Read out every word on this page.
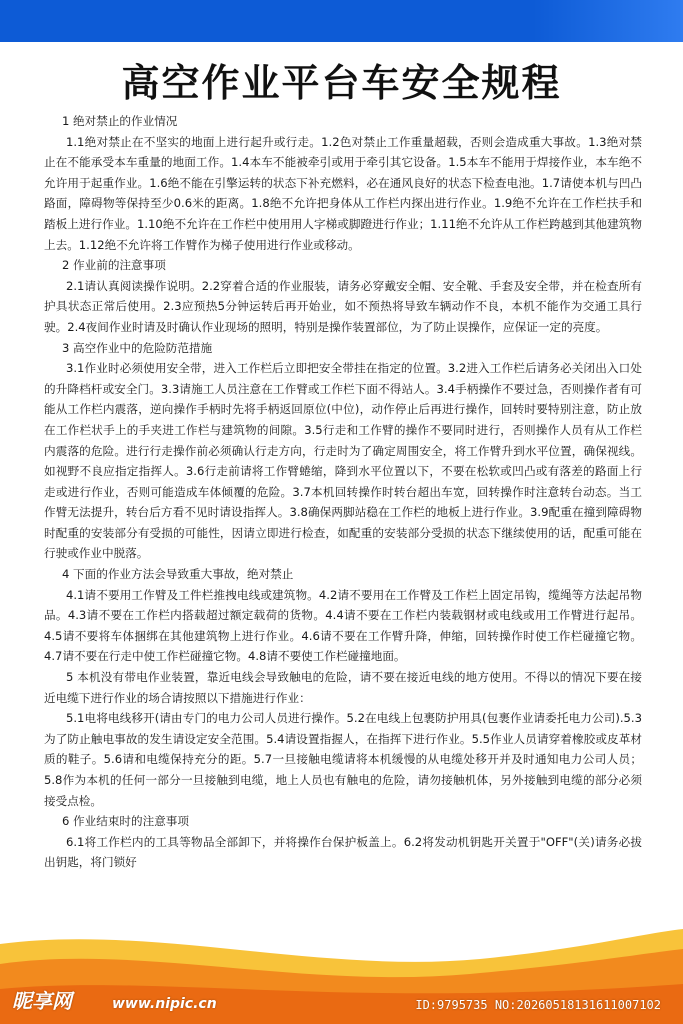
高空作业平台车安全规程
1 绝对禁止的作业情况

1.1绝对禁止在不坚实的地面上进行起升或行走。1.2色对禁止工作重量超载，否则会造成重大事故。1.3绝对禁止在不能承受本车重量的地面工作。1.4本车不能被牵引或用于牵引其它设备。1.5本车不能用于焊接作业，本车绝不允许用于起重作业。1.6绝不能在引擎运转的状态下补充燃料，必在通风良好的状态下检查电池。1.7请使本机与凹凸路面，障碍物等保持至少0.6米的距离。1.8绝不允许把身体从工作栏内探出进行作业。1.9绝不允许在工作栏扶手和踏板上进行作业。1.10绝不允许在工作栏中使用用人字梯或脚蹬进行作业；1.11绝不允许从工作栏跨越到其他建筑物上去。1.12绝不允许将工作臂作为梯子使用进行作业或移动。

2 作业前的注意事项

2.1请认真阅读操作说明。2.2穿着合适的作业服装，请务必穿戴安全帽、安全靴、手套及安全带，并在检查所有护具状态正常后使用。2.3应预热5分钟运转后再开始业，如不预热将导致车辆动作不良，本机不能作为交通工具行驶。2.4夜间作业时请及时确认作业现场的照明，特别是操作装置部位，为了防止误操作，应保证一定的亮度。

3 高空作业中的危险防范措施

3.1作业时必须使用安全带，进入工作栏后立即把安全带挂在指定的位置。3.2进入工作栏后请务必关闭出入口处的升降档杆或安全门。3.3请施工人员注意在工作臂或工作栏下面不得站人。3.4手柄操作不要过急，否则操作者有可能从工作栏内震落，逆向操作手柄时先将手柄返回原位(中位)，动作停止后再进行操作，回转时要特别注意，防止放在工作栏状手上的手夹进工作栏与建筑物的间隙。3.5行走和工作臂的操作不要同时进行，否则操作人员有从工作栏内震落的危险。进行行走操作前必须确认行走方向，行走时为了确定周围安全，将工作臂升到水平位置，确保视线。如视野不良应指定指挥人。3.6行走前请将工作臂蜷缩，降到水平位置以下，不要在松软或凹凸或有落差的路面上行走或进行作业，否则可能造成车体倾覆的危险。3.7本机回转操作时转台超出车宽，回转操作时注意转台动态。当工作臂无法提升，转台后方看不见时请设指挥人。3.8确保两脚站稳在工作栏的地板上进行作业。3.9配重在撞到障碍物时配重的安装部分有受损的可能性，因请立即进行检查，如配重的安装部分受损的状态下继续使用的话，配重可能在行驶或作业中脱落。

4 下面的作业方法会导致重大事故，绝对禁止

4.1请不要用工作臂及工件栏推拽电线或建筑物。4.2请不要用在工作臂及工作栏上固定吊钩，缆绳等方法起吊物品。4.3请不要在工作栏内搭载超过额定载荷的货物。4.4请不要在工作栏内装载钢材或电线或用工作臂进行起吊。4.5请不要将车体捆绑在其他建筑物上进行作业。4.6请不要在工作臂升降，伸缩，回转操作时使工作栏碰撞它物。4.7请不要在行走中使工作栏碰撞它物。4.8请不要使工作栏碰撞地面。

5 本机没有带电作业装置，靠近电线会导致触电的危险，请不要在接近电线的地方使用。不得以的情况下要在接近电缆下进行作业的场合请按照以下措施进行作业：

5.1电将电线移开(请由专门的电力公司人员进行操作。5.2在电线上包裹防护用具(包裹作业请委托电力公司).5.3为了防止触电事故的发生请设定安全范围。5.4请设置指握人，在指挥下进行作业。5.5作业人员请穿着橡胶或皮革材质的鞋子。5.6请和电缆保持充分的距。5.7一旦接触电缆请将本机缓慢的从电缆处移开并及时通知电力公司人员；5.8作为本机的任何一部分一旦接触到电缆，地上人员也有触电的危险，请勿接触机体，另外接触到电缆的部分必须接受点检。

6 作业结束时的注意事项

6.1将工作栏内的工具等物品全部卸下，并将操作台保护板盖上。6.2将发动机钥匙开关置于"OFF"(关)请务必拔出钥匙，将门锁好

昵享网	www.nipic.cn	ID:9795735 NO:20260518131611007102
